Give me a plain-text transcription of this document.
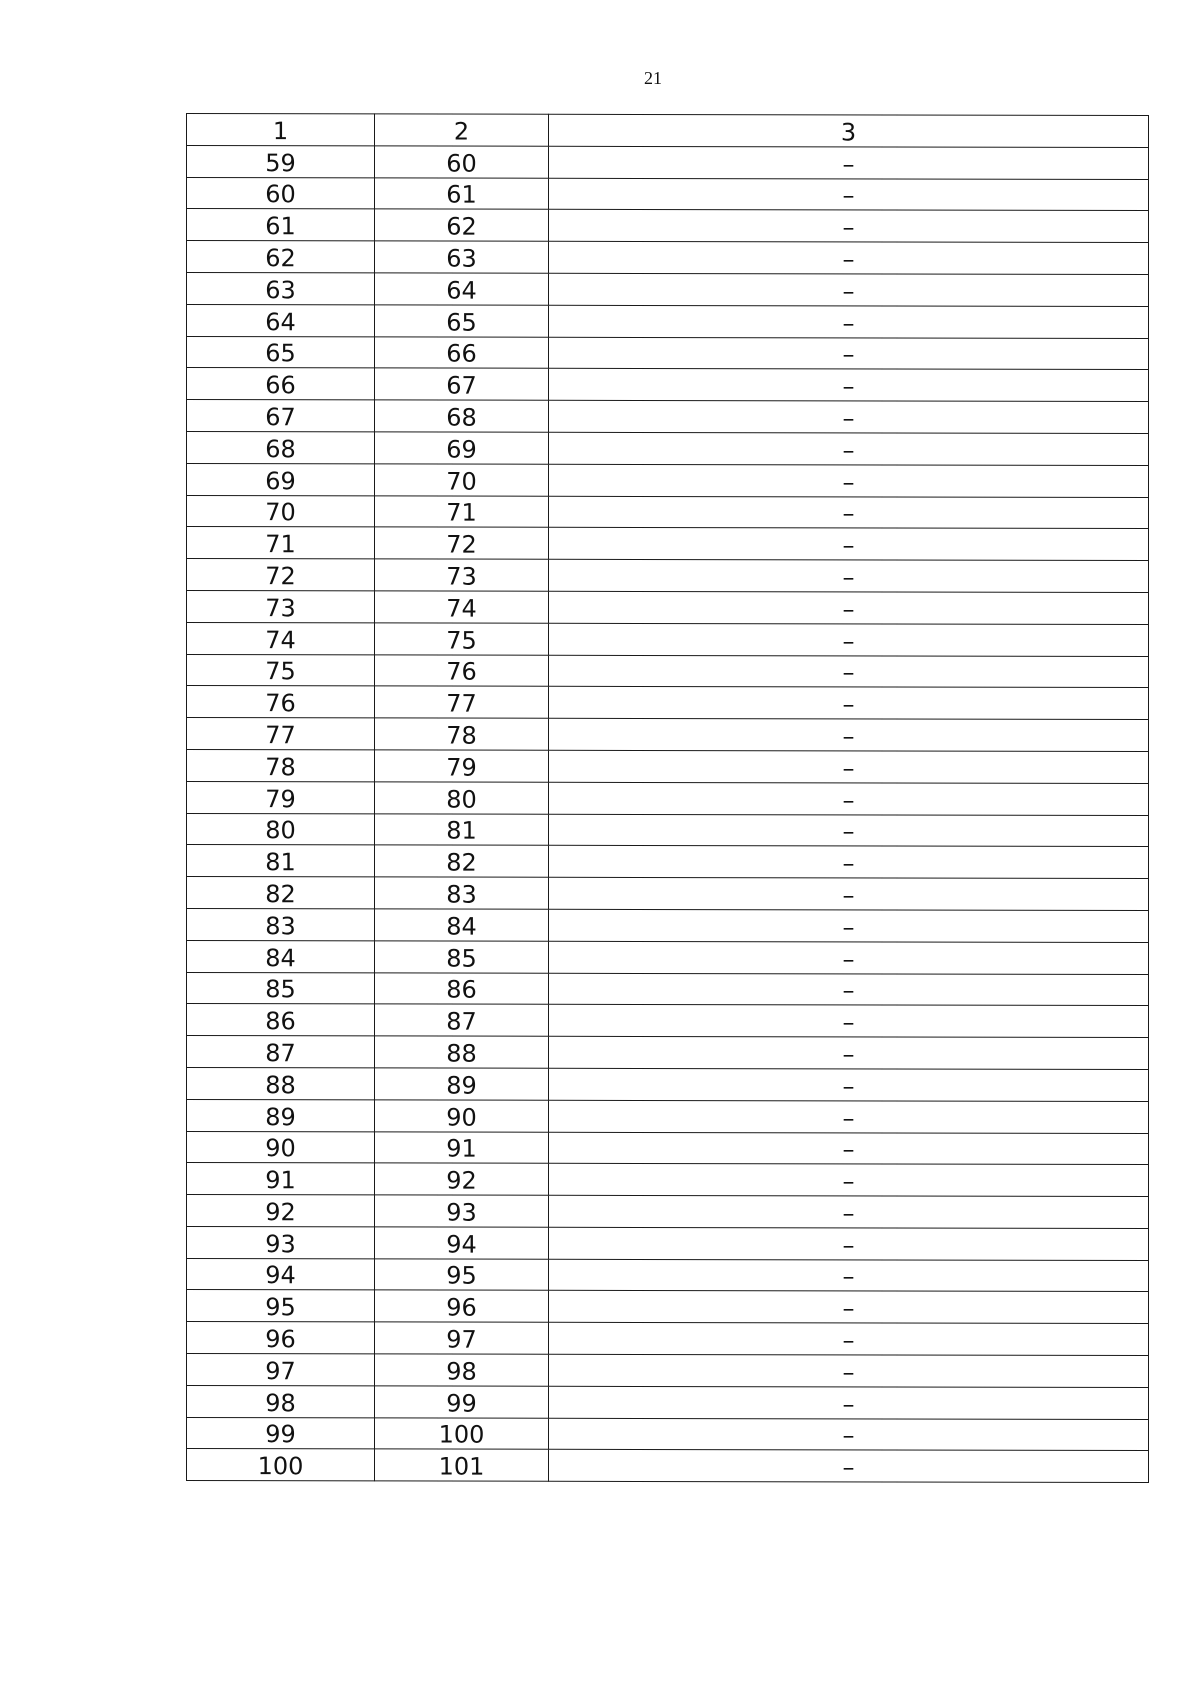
21
1	2	3
59	60	–
60	61	–
61	62	–
62	63	–
63	64	–
64	65	–
65	66	–
66	67	–
67	68	–
68	69	–
69	70	–
70	71	–
71	72	–
72	73	–
73	74	–
74	75	–
75	76	–
76	77	–
77	78	–
78	79	–
79	80	–
80	81	–
81	82	–
82	83	–
83	84	–
84	85	–
85	86	–
86	87	–
87	88	–
88	89	–
89	90	–
90	91	–
91	92	–
92	93	–
93	94	–
94	95	–
95	96	–
96	97	–
97	98	–
98	99	–
99	100	–
100	101	–
